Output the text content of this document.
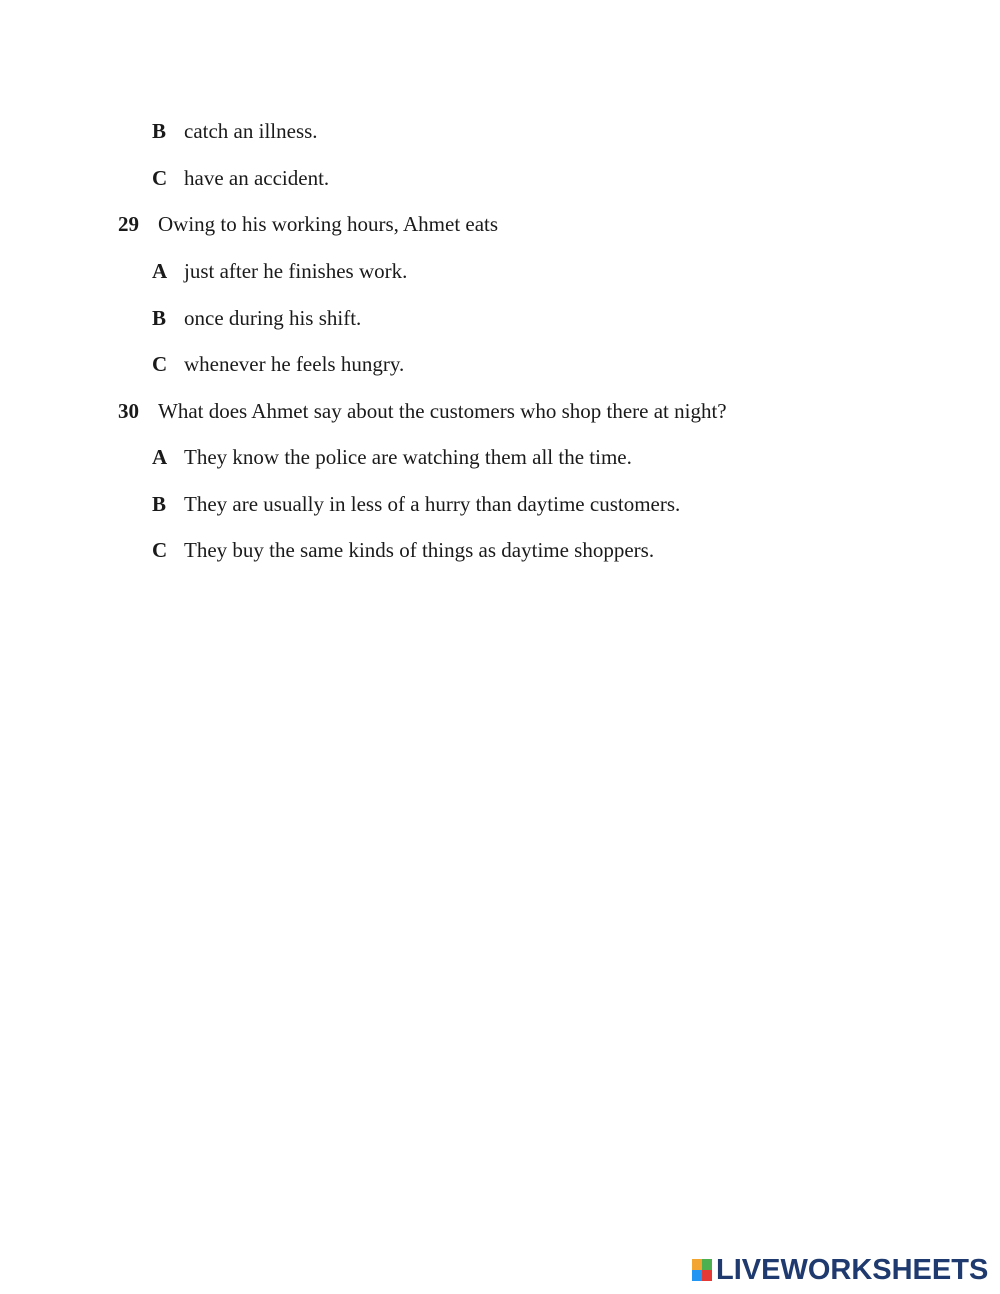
B catch an illness.
C have an accident.
29 Owing to his working hours, Ahmet eats
A just after he finishes work.
B once during his shift.
C whenever he feels hungry.
30 What does Ahmet say about the customers who shop there at night?
A They know the police are watching them all the time.
B They are usually in less of a hurry than daytime customers.
C They buy the same kinds of things as daytime shoppers.
LIVEWORKSHEETS
